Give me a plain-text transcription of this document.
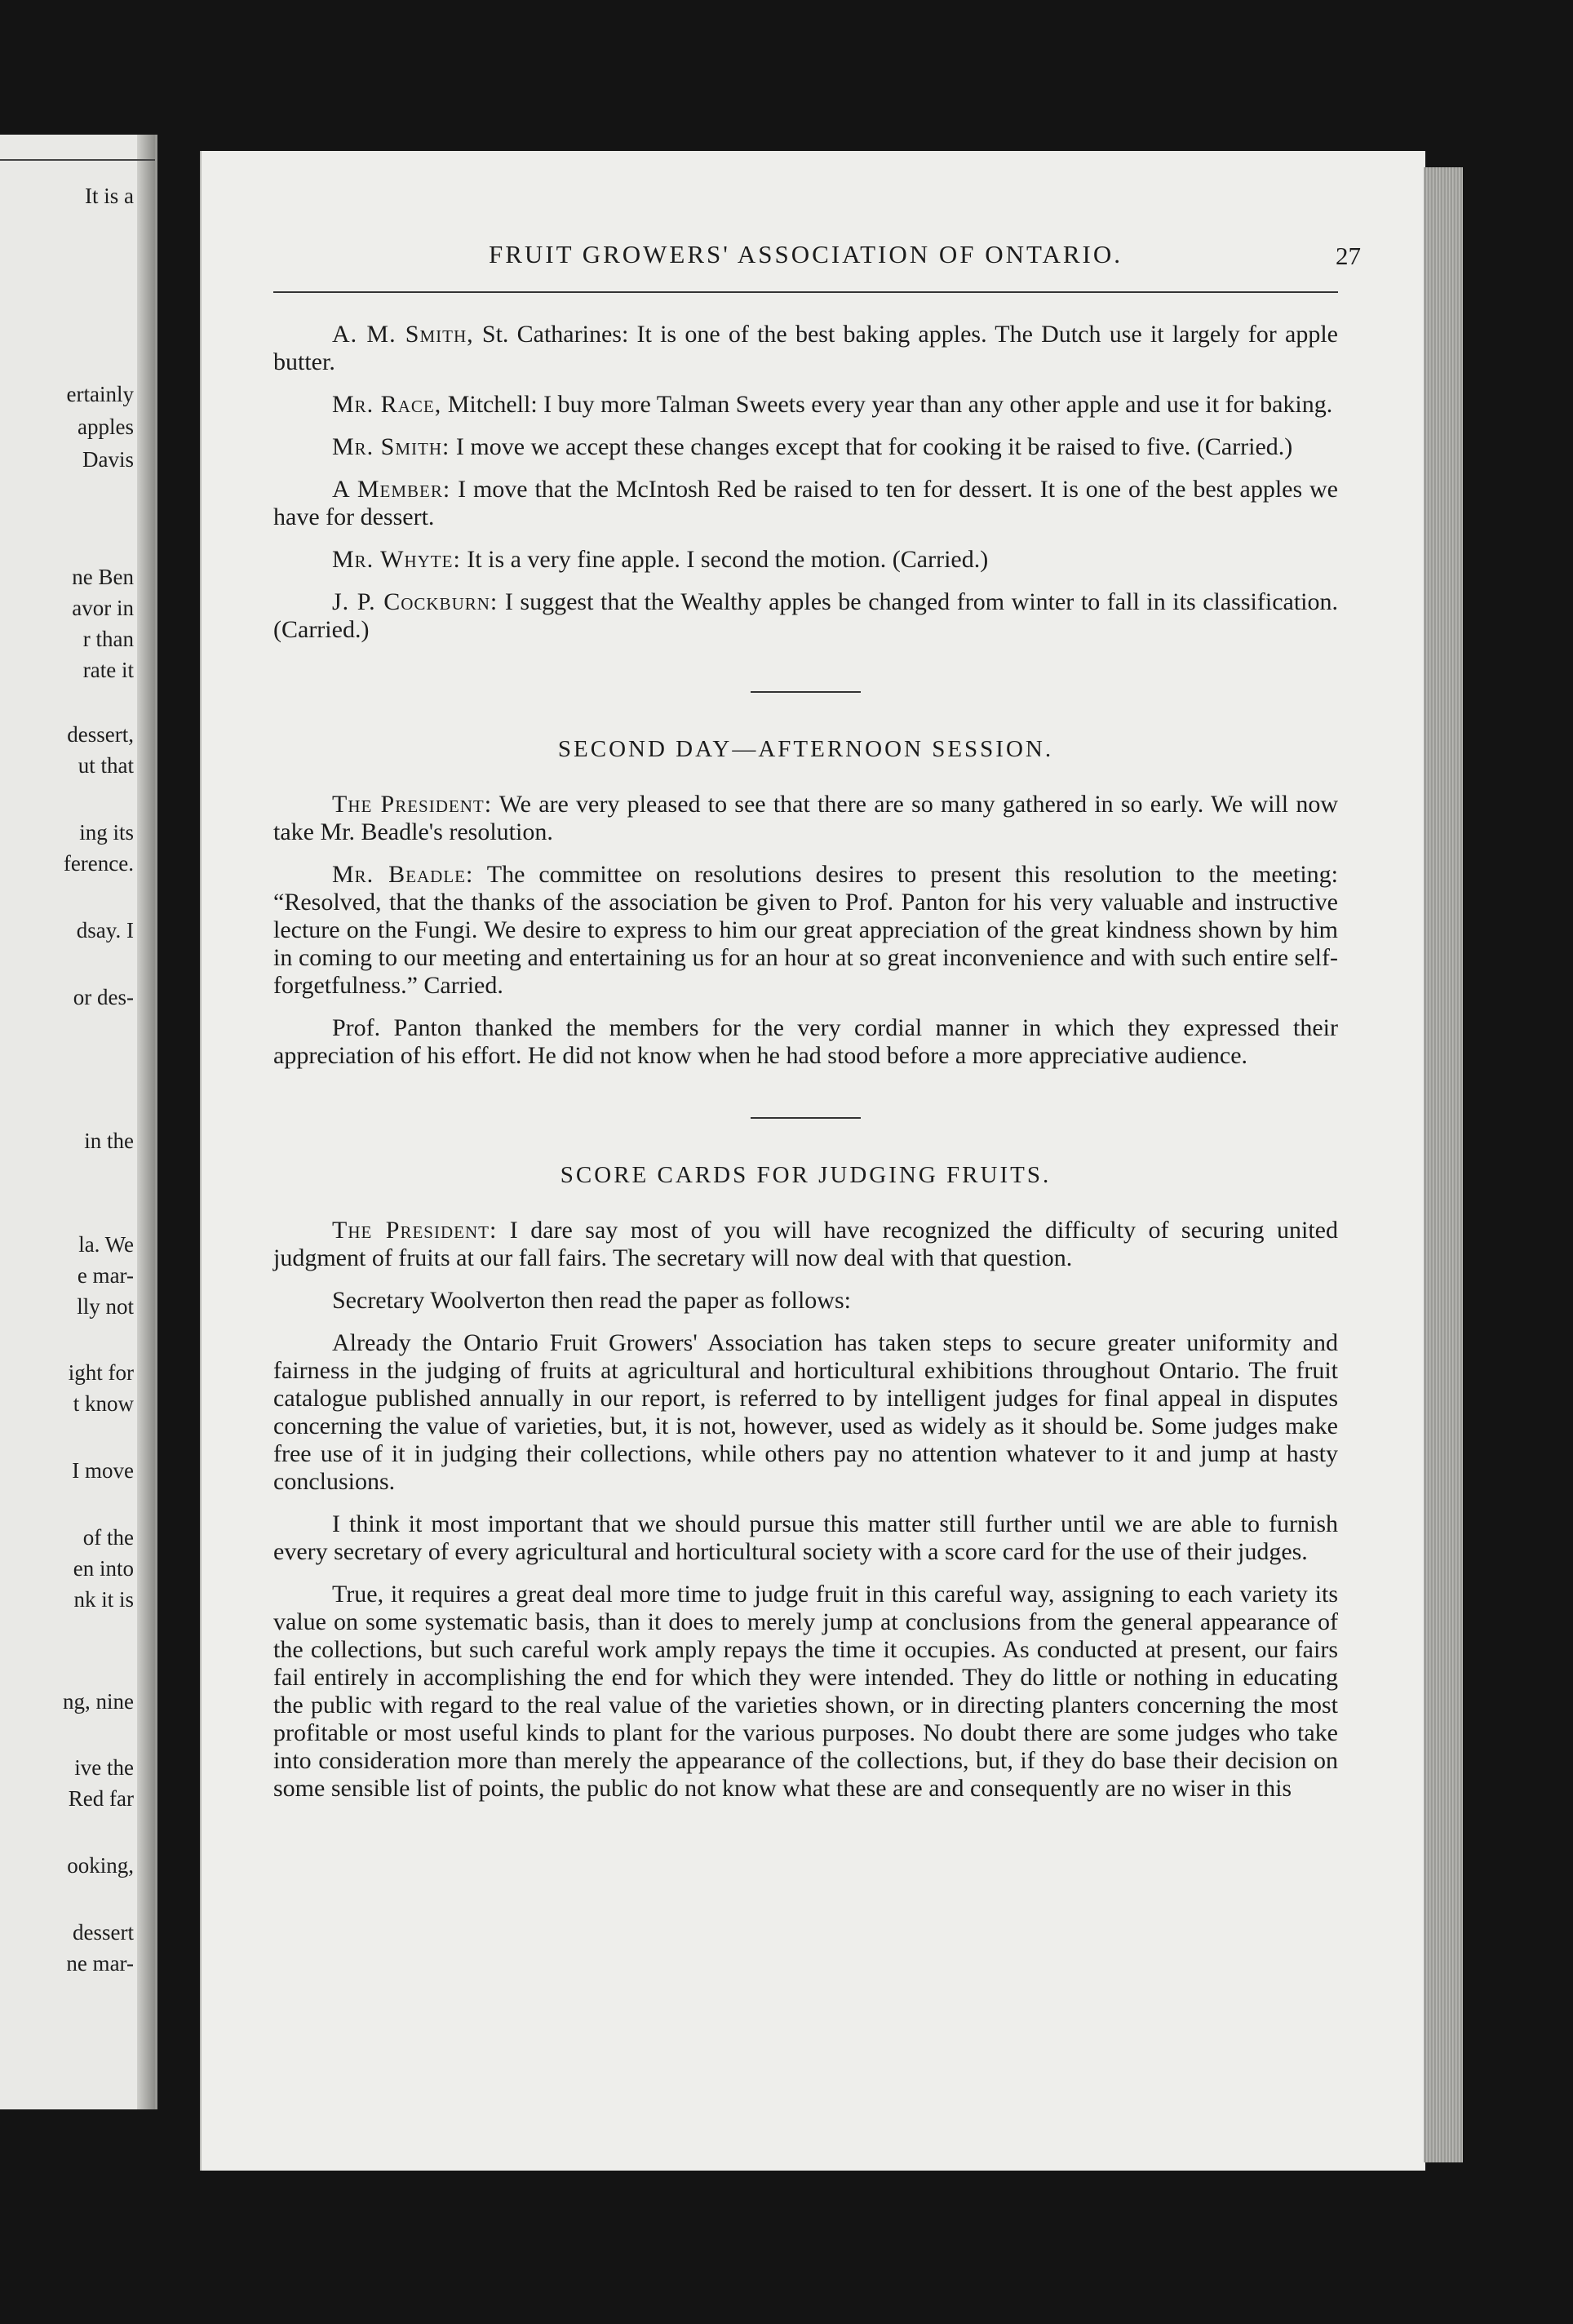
It is a
ertainly
apples
Davis
ne Ben
avor in
r than
rate it
dessert,
ut that
ing its
ference.
dsay. I
or des-
in the
la. We
e mar-
lly not
ight for
t know
I move
of the
en into
nk it is
ng, nine
ive the
Red far
ooking,
dessert
ne mar-
FRUIT GROWERS' ASSOCIATION OF ONTARIO.	27

A. M. Smith, St. Catharines: It is one of the best baking apples. The Dutch use it largely for apple butter.

Mr. Race, Mitchell: I buy more Talman Sweets every year than any other apple and use it for baking.

Mr. Smith: I move we accept these changes except that for cooking it be raised to five. (Carried.)

A Member: I move that the McIntosh Red be raised to ten for dessert. It is one of the best apples we have for dessert.

Mr. Whyte: It is a very fine apple. I second the motion. (Carried.)

J. P. Cockburn: I suggest that the Wealthy apples be changed from winter to fall in its classification. (Carried.)

SECOND DAY—AFTERNOON SESSION.

The President: We are very pleased to see that there are so many gathered in so early. We will now take Mr. Beadle's resolution.

Mr. Beadle: The committee on resolutions desires to present this resolution to the meeting: “Resolved, that the thanks of the association be given to Prof. Panton for his very valuable and instructive lecture on the Fungi. We desire to express to him our great appreciation of the great kindness shown by him in coming to our meeting and entertaining us for an hour at so great inconvenience and with such entire self-forgetfulness.” Carried.

Prof. Panton thanked the members for the very cordial manner in which they expressed their appreciation of his effort. He did not know when he had stood before a more appreciative audience.

SCORE CARDS FOR JUDGING FRUITS.

The President: I dare say most of you will have recognized the difficulty of securing united judgment of fruits at our fall fairs. The secretary will now deal with that question.

Secretary Woolverton then read the paper as follows:

Already the Ontario Fruit Growers' Association has taken steps to secure greater uniformity and fairness in the judging of fruits at agricultural and horticultural exhibitions throughout Ontario. The fruit catalogue published annually in our report, is referred to by intelligent judges for final appeal in disputes concerning the value of varieties, but, it is not, however, used as widely as it should be. Some judges make free use of it in judging their collections, while others pay no attention whatever to it and jump at hasty conclusions.

I think it most important that we should pursue this matter still further until we are able to furnish every secretary of every agricultural and horticultural society with a score card for the use of their judges.

True, it requires a great deal more time to judge fruit in this careful way, assigning to each variety its value on some systematic basis, than it does to merely jump at conclusions from the general appearance of the collections, but such careful work amply repays the time it occupies. As conducted at present, our fairs fail entirely in accomplishing the end for which they were intended. They do little or nothing in educating the public with regard to the real value of the varieties shown, or in directing planters concerning the most profitable or most useful kinds to plant for the various purposes. No doubt there are some judges who take into consideration more than merely the appearance of the collections, but, if they do base their decision on some sensible list of points, the public do not know what these are and consequently are no wiser in this
